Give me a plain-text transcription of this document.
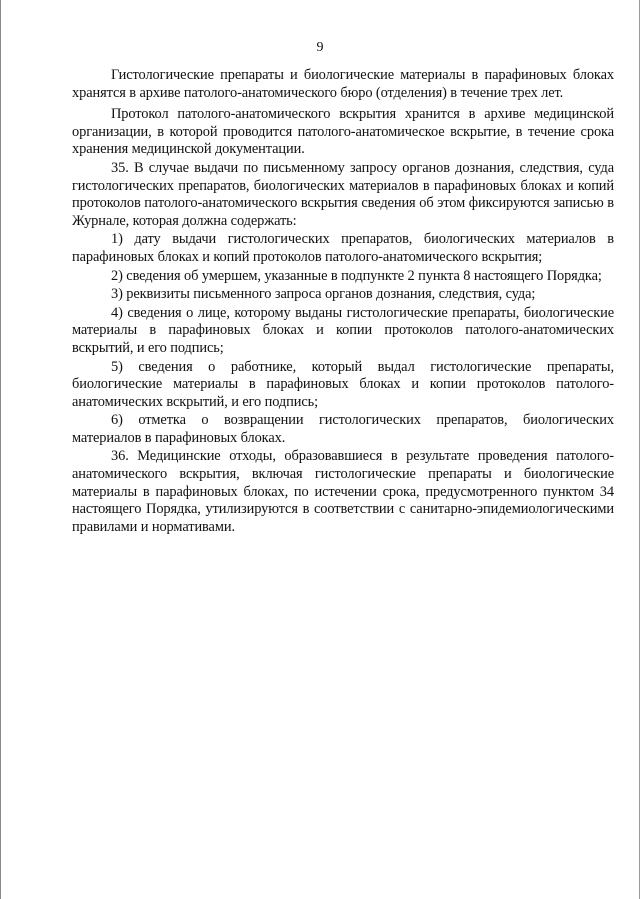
9

Гистологические препараты и биологические материалы в парафиновых блоках хранятся в архиве патолого-анатомического бюро (отделения) в течение трех лет.

Протокол патолого-анатомического вскрытия хранится в архиве медицинской организации, в которой проводится патолого-анатомическое вскрытие, в течение срока хранения медицинской документации.

35. В случае выдачи по письменному запросу органов дознания, следствия, суда гистологических препаратов, биологических материалов в парафиновых блоках и копий протоколов патолого-анатомического вскрытия сведения об этом фиксируются записью в Журнале, которая должна содержать:

1) дату выдачи гистологических препаратов, биологических материалов в парафиновых блоках и копий протоколов патолого-анатомического вскрытия;

2) сведения об умершем, указанные в подпункте 2 пункта 8 настоящего Порядка;

3) реквизиты письменного запроса органов дознания, следствия, суда;

4) сведения о лице, которому выданы гистологические препараты, биологические материалы в парафиновых блоках и копии протоколов патолого-анатомических вскрытий, и его подпись;

5) сведения о работнике, который выдал гистологические препараты, биологические материалы в парафиновых блоках и копии протоколов патолого-анатомических вскрытий, и его подпись;

6) отметка о возвращении гистологических препаратов, биологических материалов в парафиновых блоках.

36. Медицинские отходы, образовавшиеся в результате проведения патолого-анатомического вскрытия, включая гистологические препараты и биологические материалы в парафиновых блоках, по истечении срока, предусмотренного пунктом 34 настоящего Порядка, утилизируются в соответствии с санитарно-эпидемиологическими правилами и нормативами.
